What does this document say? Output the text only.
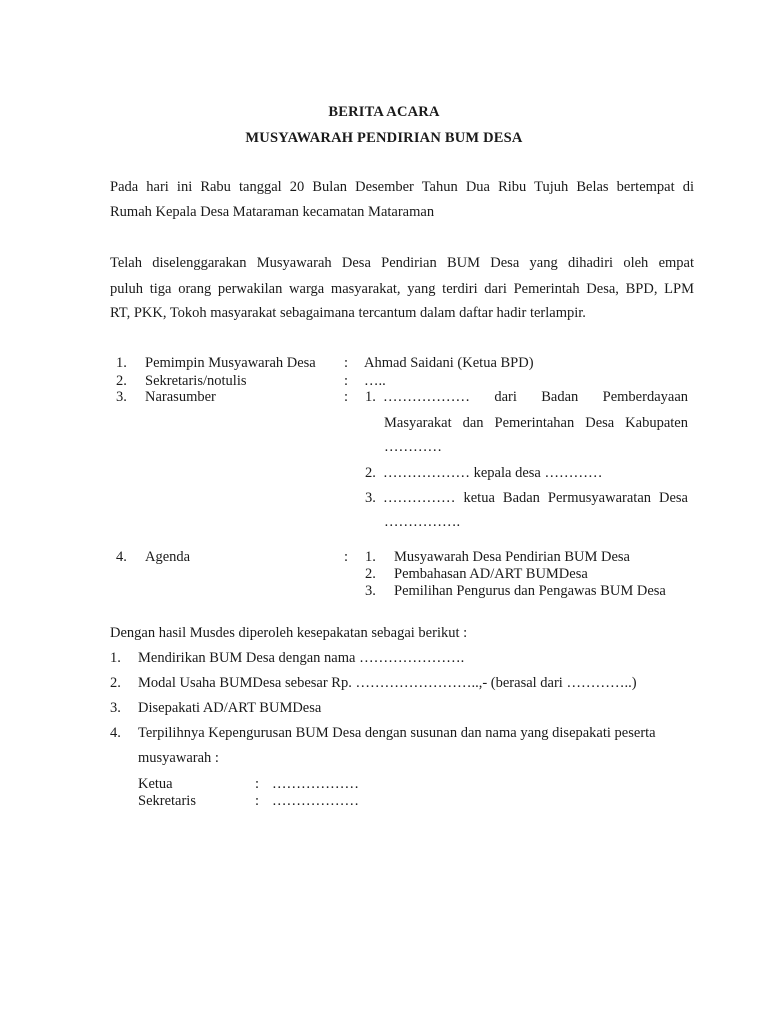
BERITA ACARA
MUSYAWARAH PENDIRIAN BUM DESA
Pada hari ini Rabu tanggal 20 Bulan Desember Tahun Dua Ribu Tujuh Belas bertempat di
Rumah Kepala Desa Mataraman kecamatan Mataraman
Telah diselenggarakan Musyawarah Desa Pendirian BUM Desa yang dihadiri oleh empat
puluh tiga orang perwakilan warga masyarakat, yang terdiri dari Pemerintah Desa, BPD, LPM
RT, PKK, Tokoh masyarakat sebagaimana tercantum dalam daftar hadir terlampir.
1. Pemimpin Musyawarah Desa : Ahmad Saidani (Ketua BPD)
2. Sekretaris/notulis	: …..
3. Narasumber	: 1. ……………… dari Badan Pemberdayaan
Masyarakat dan Pemerintahan Desa Kabupaten
…………
2. ……………… kepala desa …………
3. …………… ketua Badan Permusyawaratan Desa
…………….
4. Agenda	: 1. Musyawarah Desa Pendirian BUM Desa
2. Pembahasan AD/ART BUMDesa
3. Pemilihan Pengurus dan Pengawas BUM Desa
Dengan hasil Musdes diperoleh kesepakatan sebagai berikut :
1. Mendirikan BUM Desa dengan nama ………………….
2. Modal Usaha BUMDesa sebesar Rp. ……………………..,- (berasal dari …………..)
3. Disepakati AD/ART BUMDesa
4. Terpilihnya Kepengurusan BUM Desa dengan susunan dan nama yang disepakati peserta
musyawarah :
Ketua	: ………………
Sekretaris	: ………………
